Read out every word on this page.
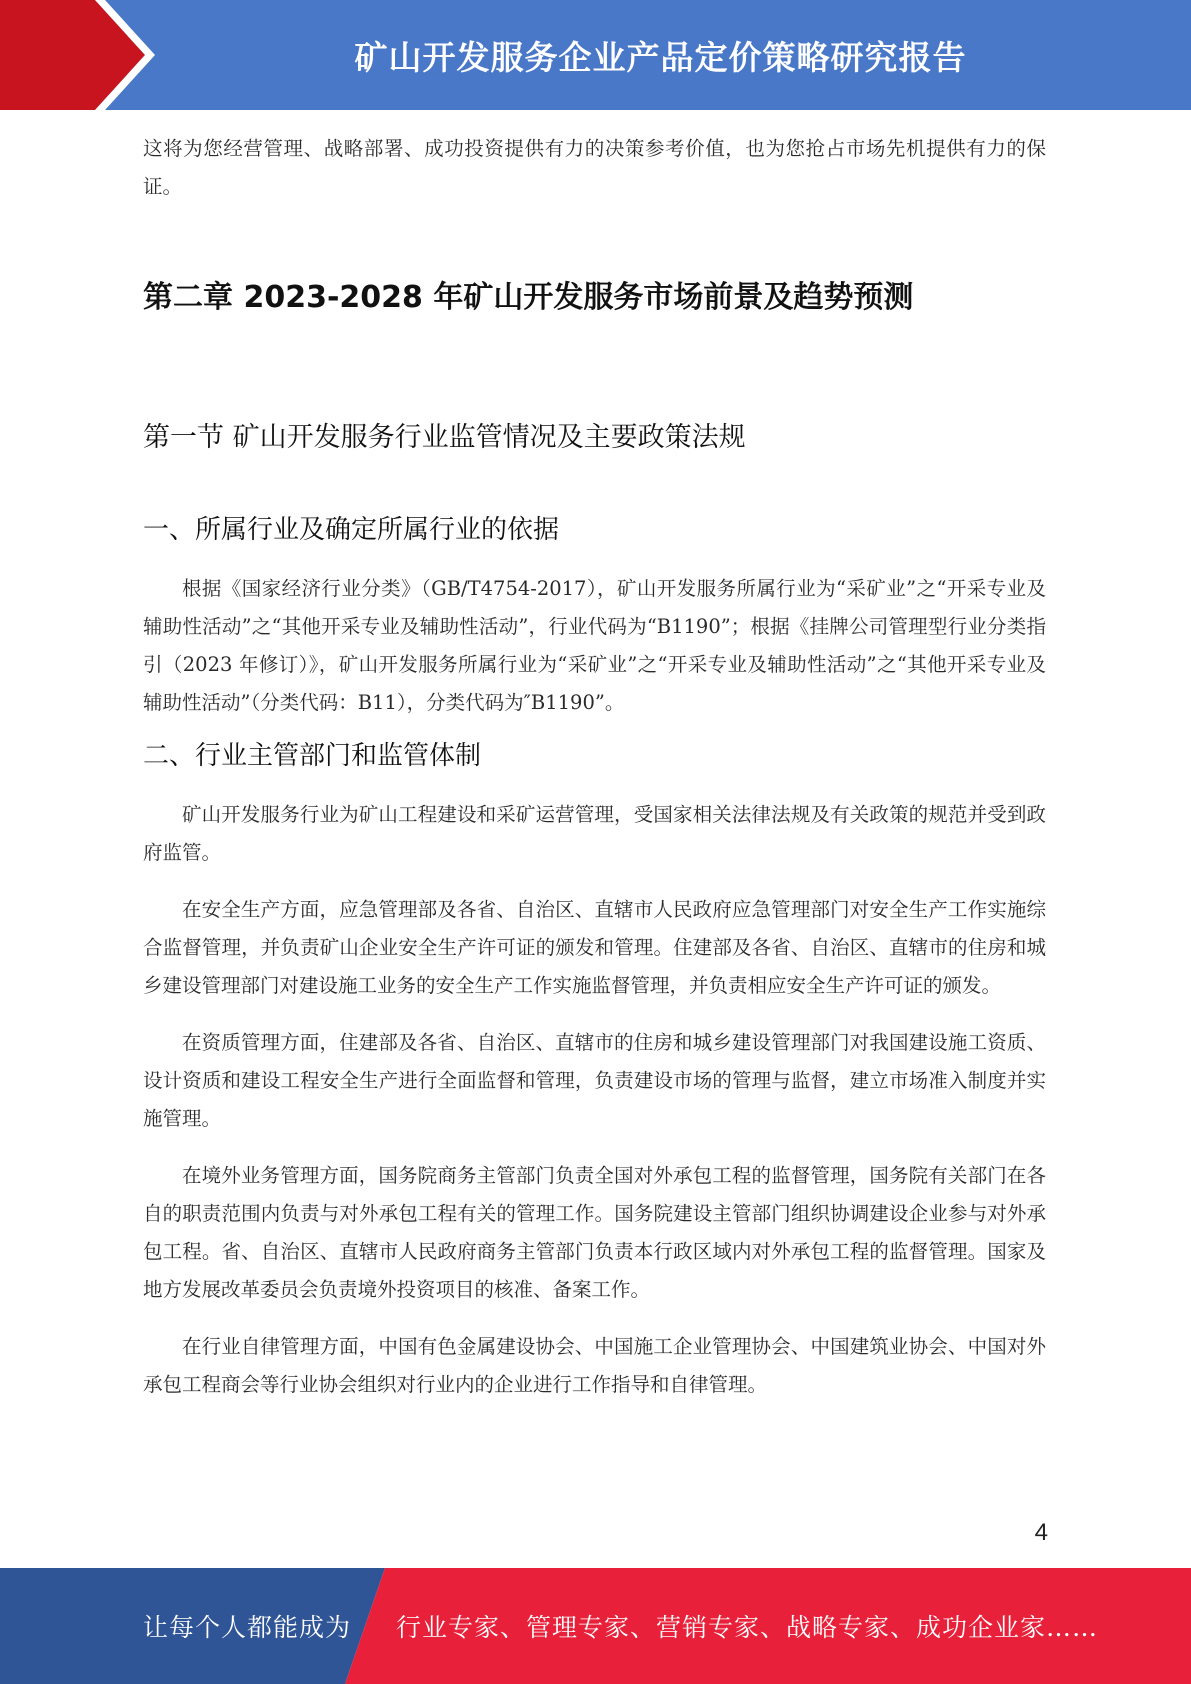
矿山开发服务企业产品定价策略研究报告

这将为您经营管理、战略部署、成功投资提供有力的决策参考价值，也为您抢占市场先机提供有力的保证。

第二章 2023-2028 年矿山开发服务市场前景及趋势预测
第一节 矿山开发服务行业监管情况及主要政策法规
一、所属行业及确定所属行业的依据

根据《国家经济行业分类》（GB/T4754-2017），矿山开发服务所属行业为“采矿业”之“开采专业及辅助性活动”之“其他开采专业及辅助性活动”，行业代码为“B1190”；根据《挂牌公司管理型行业分类指引（2023 年修订）》，矿山开发服务所属行业为“采矿业”之“开采专业及辅助性活动”之“其他开采专业及辅助性活动”（分类代码：B11），分类代码为″B1190”。

二、行业主管部门和监管体制

矿山开发服务行业为矿山工程建设和采矿运营管理，受国家相关法律法规及有关政策的规范并受到政府监管。

在安全生产方面，应急管理部及各省、自治区、直辖市人民政府应急管理部门对安全生产工作实施综合监督管理，并负责矿山企业安全生产许可证的颁发和管理。住建部及各省、自治区、直辖市的住房和城乡建设管理部门对建设施工业务的安全生产工作实施监督管理，并负责相应安全生产许可证的颁发。

在资质管理方面，住建部及各省、自治区、直辖市的住房和城乡建设管理部门对我国建设施工资质、设计资质和建设工程安全生产进行全面监督和管理，负责建设市场的管理与监督，建立市场准入制度并实施管理。

在境外业务管理方面，国务院商务主管部门负责全国对外承包工程的监督管理，国务院有关部门在各自的职责范围内负责与对外承包工程有关的管理工作。国务院建设主管部门组织协调建设企业参与对外承包工程。省、自治区、直辖市人民政府商务主管部门负责本行政区域内对外承包工程的监督管理。国家及地方发展改革委员会负责境外投资项目的核准、备案工作。

在行业自律管理方面，中国有色金属建设协会、中国施工企业管理协会、中国建筑业协会、中国对外承包工程商会等行业协会组织对行业内的企业进行工作指导和自律管理。

4
让每个人都能成为 行业专家、管理专家、营销专家、战略专家、成功企业家……
